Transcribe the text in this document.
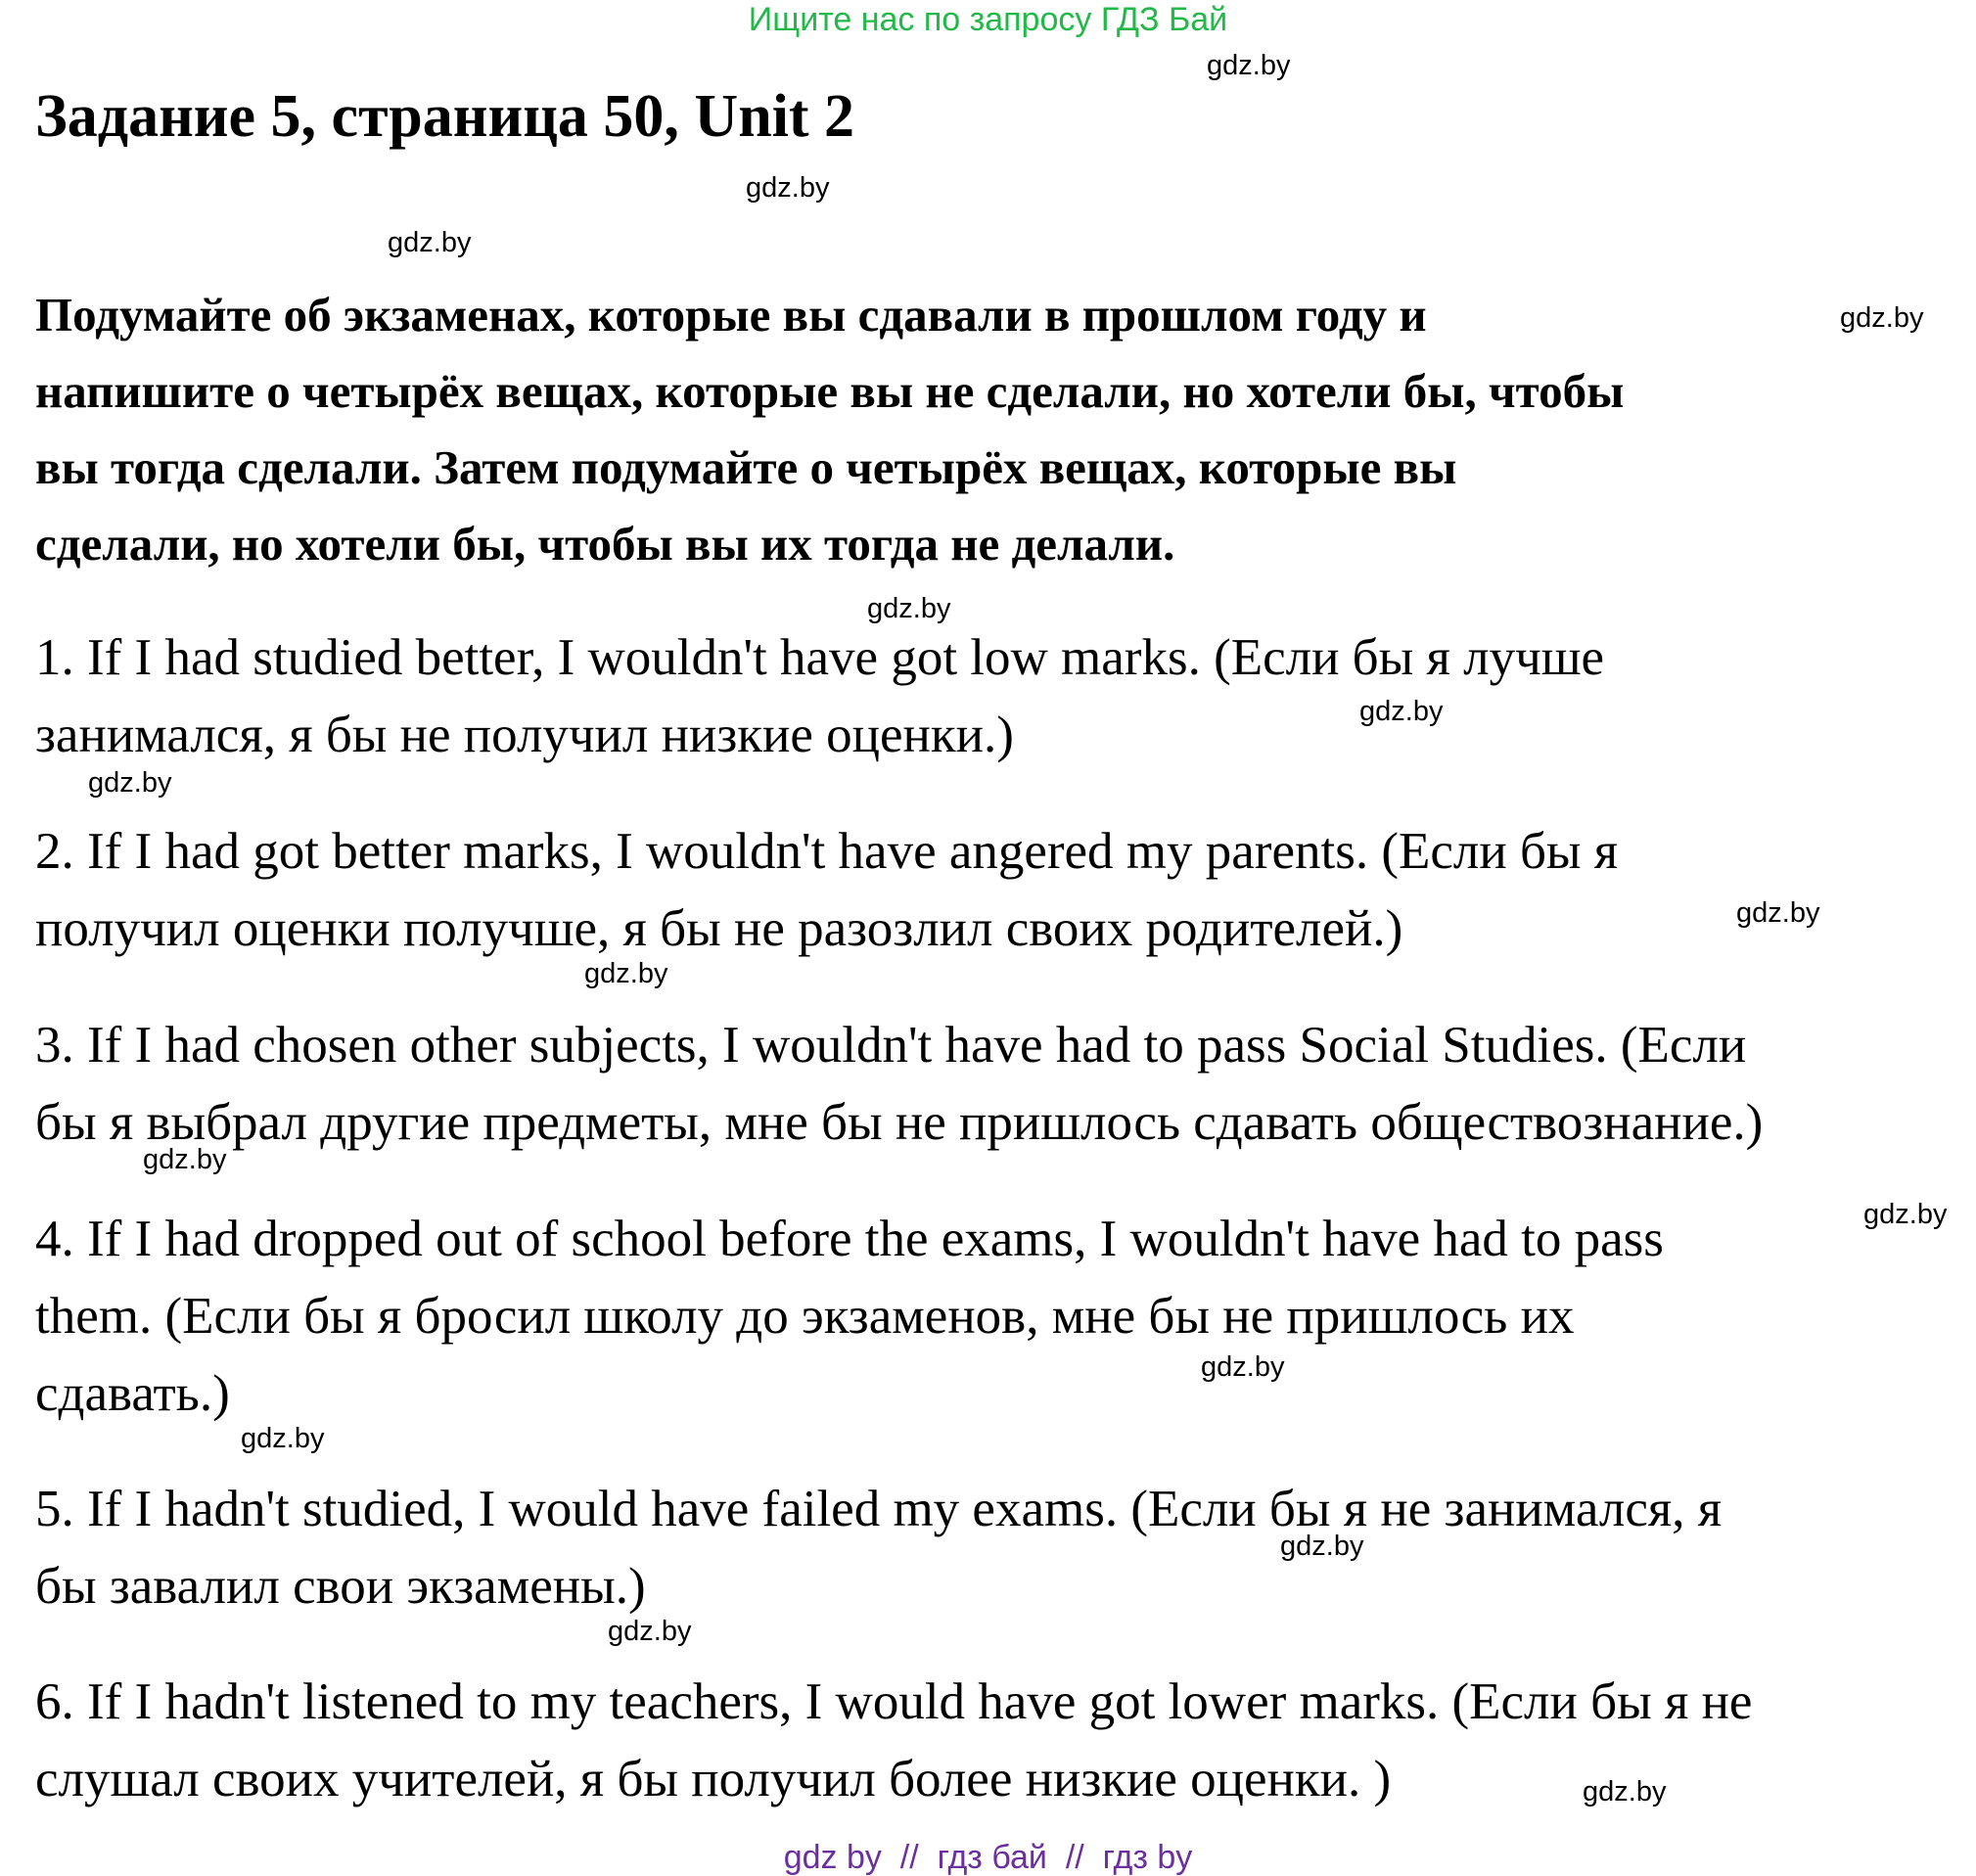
Ищите нас по запросу ГДЗ Бай
Задание 5, страница 50, Unit 2
Подумайте об экзаменах, которые вы сдавали в прошлом году и
напишите о четырёх вещах, которые вы не сделали, но хотели бы, чтобы
вы тогда сделали. Затем подумайте о четырёх вещах, которые вы
сделали, но хотели бы, чтобы вы их тогда не делали.
1. If I had studied better, I wouldn't have got low marks. (Если бы я лучше
занимался, я бы не получил низкие оценки.)
2. If I had got better marks, I wouldn't have angered my parents. (Если бы я
получил оценки получше, я бы не разозлил своих родителей.)
3. If I had chosen other subjects, I wouldn't have had to pass Social Studies. (Если
бы я выбрал другие предметы, мне бы не пришлось сдавать обществознание.)
4. If I had dropped out of school before the exams, I wouldn't have had to pass
them. (Если бы я бросил школу до экзаменов, мне бы не пришлось их
сдавать.)
5. If I hadn't studied, I would have failed my exams. (Если бы я не занимался, я
бы завалил свои экзамены.)
6. If I hadn't listened to my teachers, I would have got lower marks. (Если бы я не
слушал своих учителей, я бы получил более низкие оценки. )
gdz.by
gdz.by
gdz.by
gdz.by
gdz.by
gdz.by
gdz.by
gdz.by
gdz.by
gdz.by
gdz.by
gdz.by
gdz.by
gdz.by
gdz.by
gdz.by
gdz by  //  гдз бай  //  гдз by
